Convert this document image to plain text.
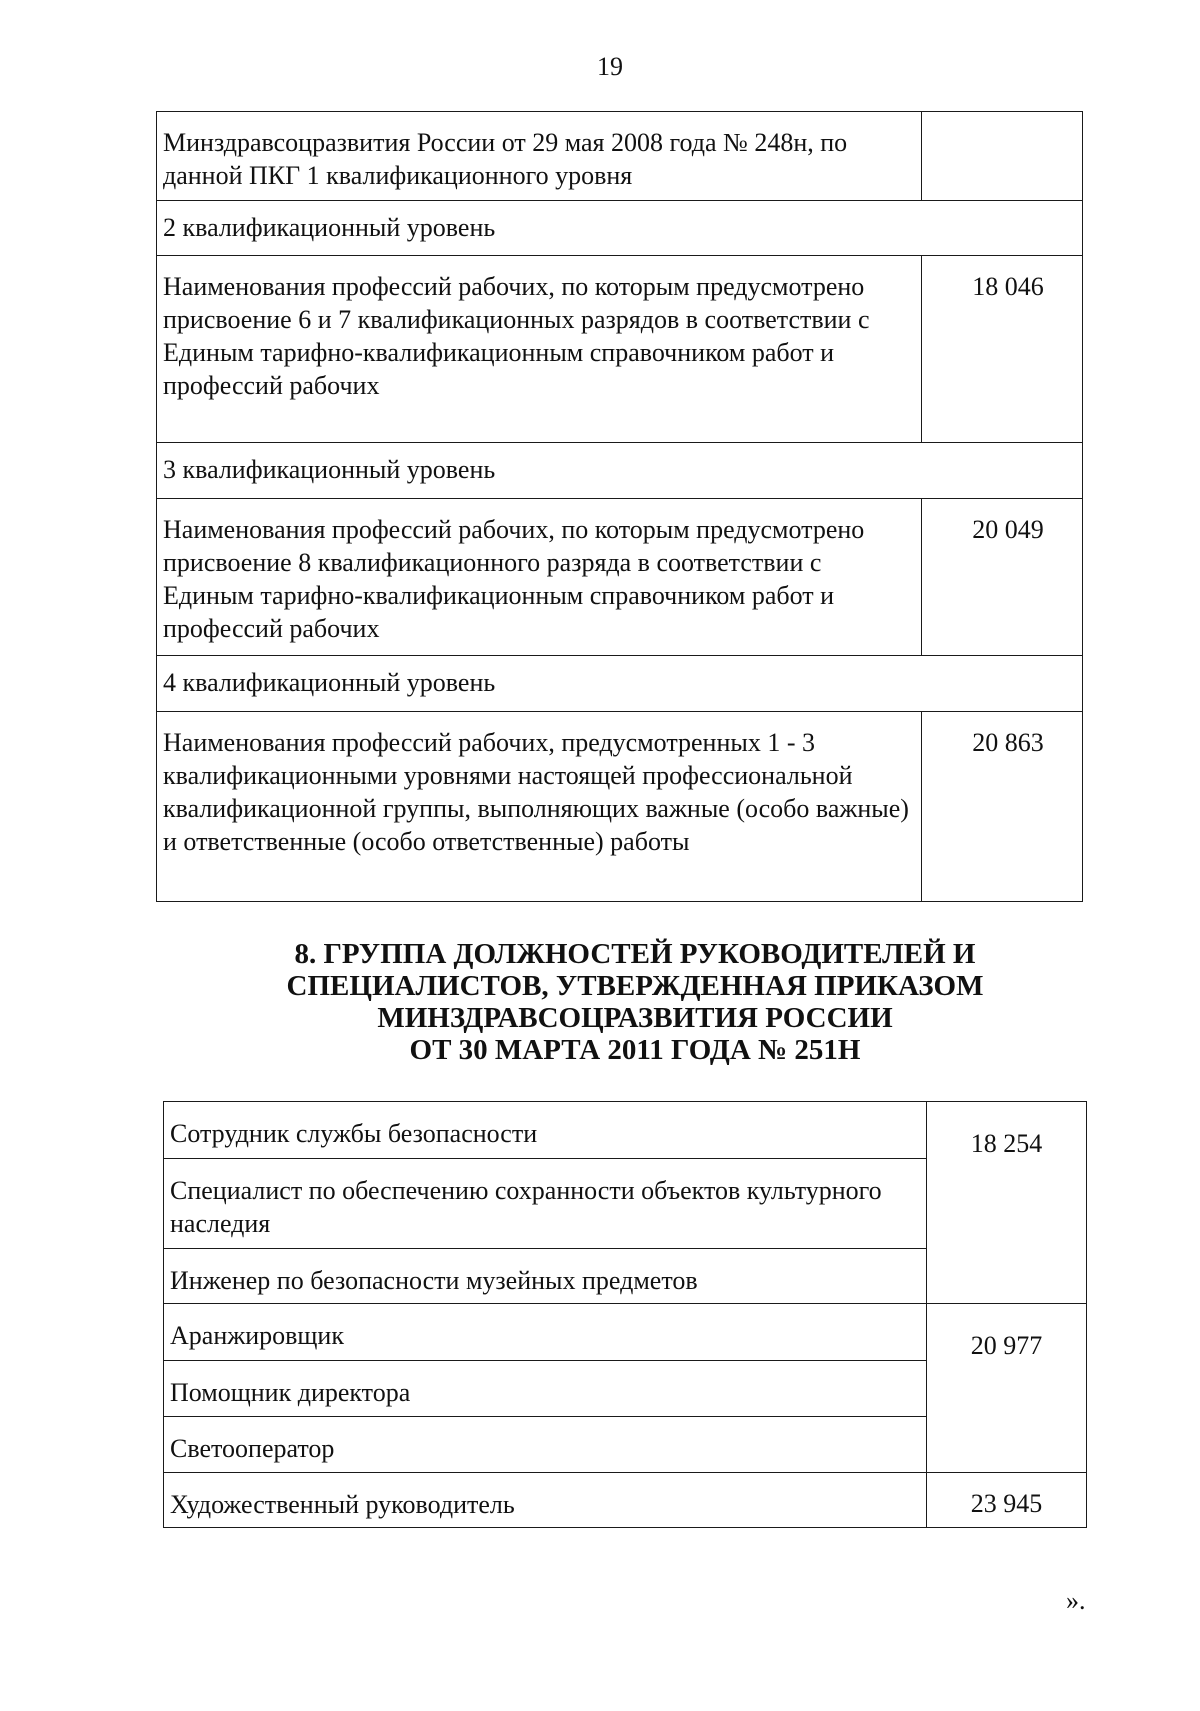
19
Минздравсоцразвития России от 29 мая 2008 года № 248н, по данной ПКГ 1 квалификационного уровня	
2 квалификационный уровень	
Наименования профессий рабочих, по которым предусмотрено присвоение 6 и 7 квалификационных разрядов в соответствии с Единым тарифно-квалификационным справочником работ и профессий рабочих	18 046
3 квалификационный уровень	
Наименования профессий рабочих, по которым предусмотрено присвоение 8 квалификационного разряда в соответствии с Единым тарифно-квалификационным справочником работ и профессий рабочих	20 049
4 квалификационный уровень	
Наименования профессий рабочих, предусмотренных 1 - 3 квалификационными уровнями настоящей профессиональной квалификационной группы, выполняющих важные (особо важные) и ответственные (особо ответственные) работы	20 863
8. ГРУППА ДОЛЖНОСТЕЙ РУКОВОДИТЕЛЕЙ И
СПЕЦИАЛИСТОВ, УТВЕРЖДЕННАЯ ПРИКАЗОМ
МИНЗДРАВСОЦРАЗВИТИЯ РОССИИ
ОТ 30 МАРТА 2011 ГОДА № 251Н
Сотрудник службы безопасности	18 254
Специалист по обеспечению сохранности объектов культурного наследия	
Инженер по безопасности музейных предметов	
Аранжировщик	20 977
Помощник директора	
Светооператор	
Художественный руководитель	23 945
».
